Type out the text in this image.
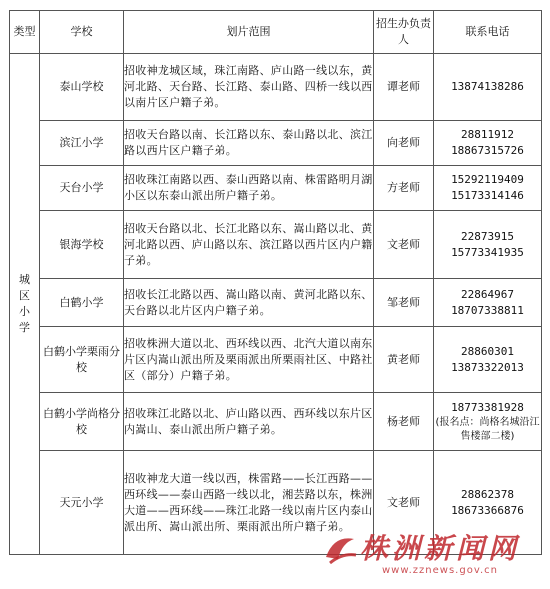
类型	学校	划片范围	招生办负责人	联系电话

城区小学	泰山学校	招收神龙城区域，珠江南路、庐山路一线以东，黄河北路、天台路、长江路、泰山路、四桥一线以西以南片区户籍子弟。	谭老师	13874138286

	滨江小学	招收天台路以南、长江路以东、泰山路以北、滨江路以西片区户籍子弟。	向老师	28811912
18867315726

	天台小学	招收珠江南路以西、泰山西路以南、株雷路明月湖小区以东泰山派出所户籍子弟。	方老师	15292119409
15173314146

	银海学校	招收天台路以北、长江北路以东、嵩山路以北、黄河北路以西、庐山路以东、滨江路以西片区内户籍子弟。	文老师	22873915
15773341935

	白鹤小学	招收长江北路以西、嵩山路以南、黄河北路以东、天台路以北片区内户籍子弟。	邹老师	22864967
18707338811

	白鹤小学栗雨分校	招收株洲大道以北、西环线以西、北汽大道以南东片区内嵩山派出所及栗雨派出所栗雨社区、中路社区（部分）户籍子弟。	黄老师	28860301
13873322013

	白鹤小学尚格分校	招收珠江北路以北、庐山路以西、西环线以东片区内嵩山、泰山派出所户籍子弟。	杨老师	18773381928
(报名点：尚格名城沿江售楼部二楼)

	天元小学	招收神龙大道一线以西，株雷路——长江西路——西环线——泰山西路一线以北，湘芸路以东，株洲大道——西环线——珠江北路一线以南片区内泰山派出所、嵩山派出所、栗雨派出所户籍子弟。	文老师	28862378
18673366876
株洲新闻网
www.zznews.gov.cn
